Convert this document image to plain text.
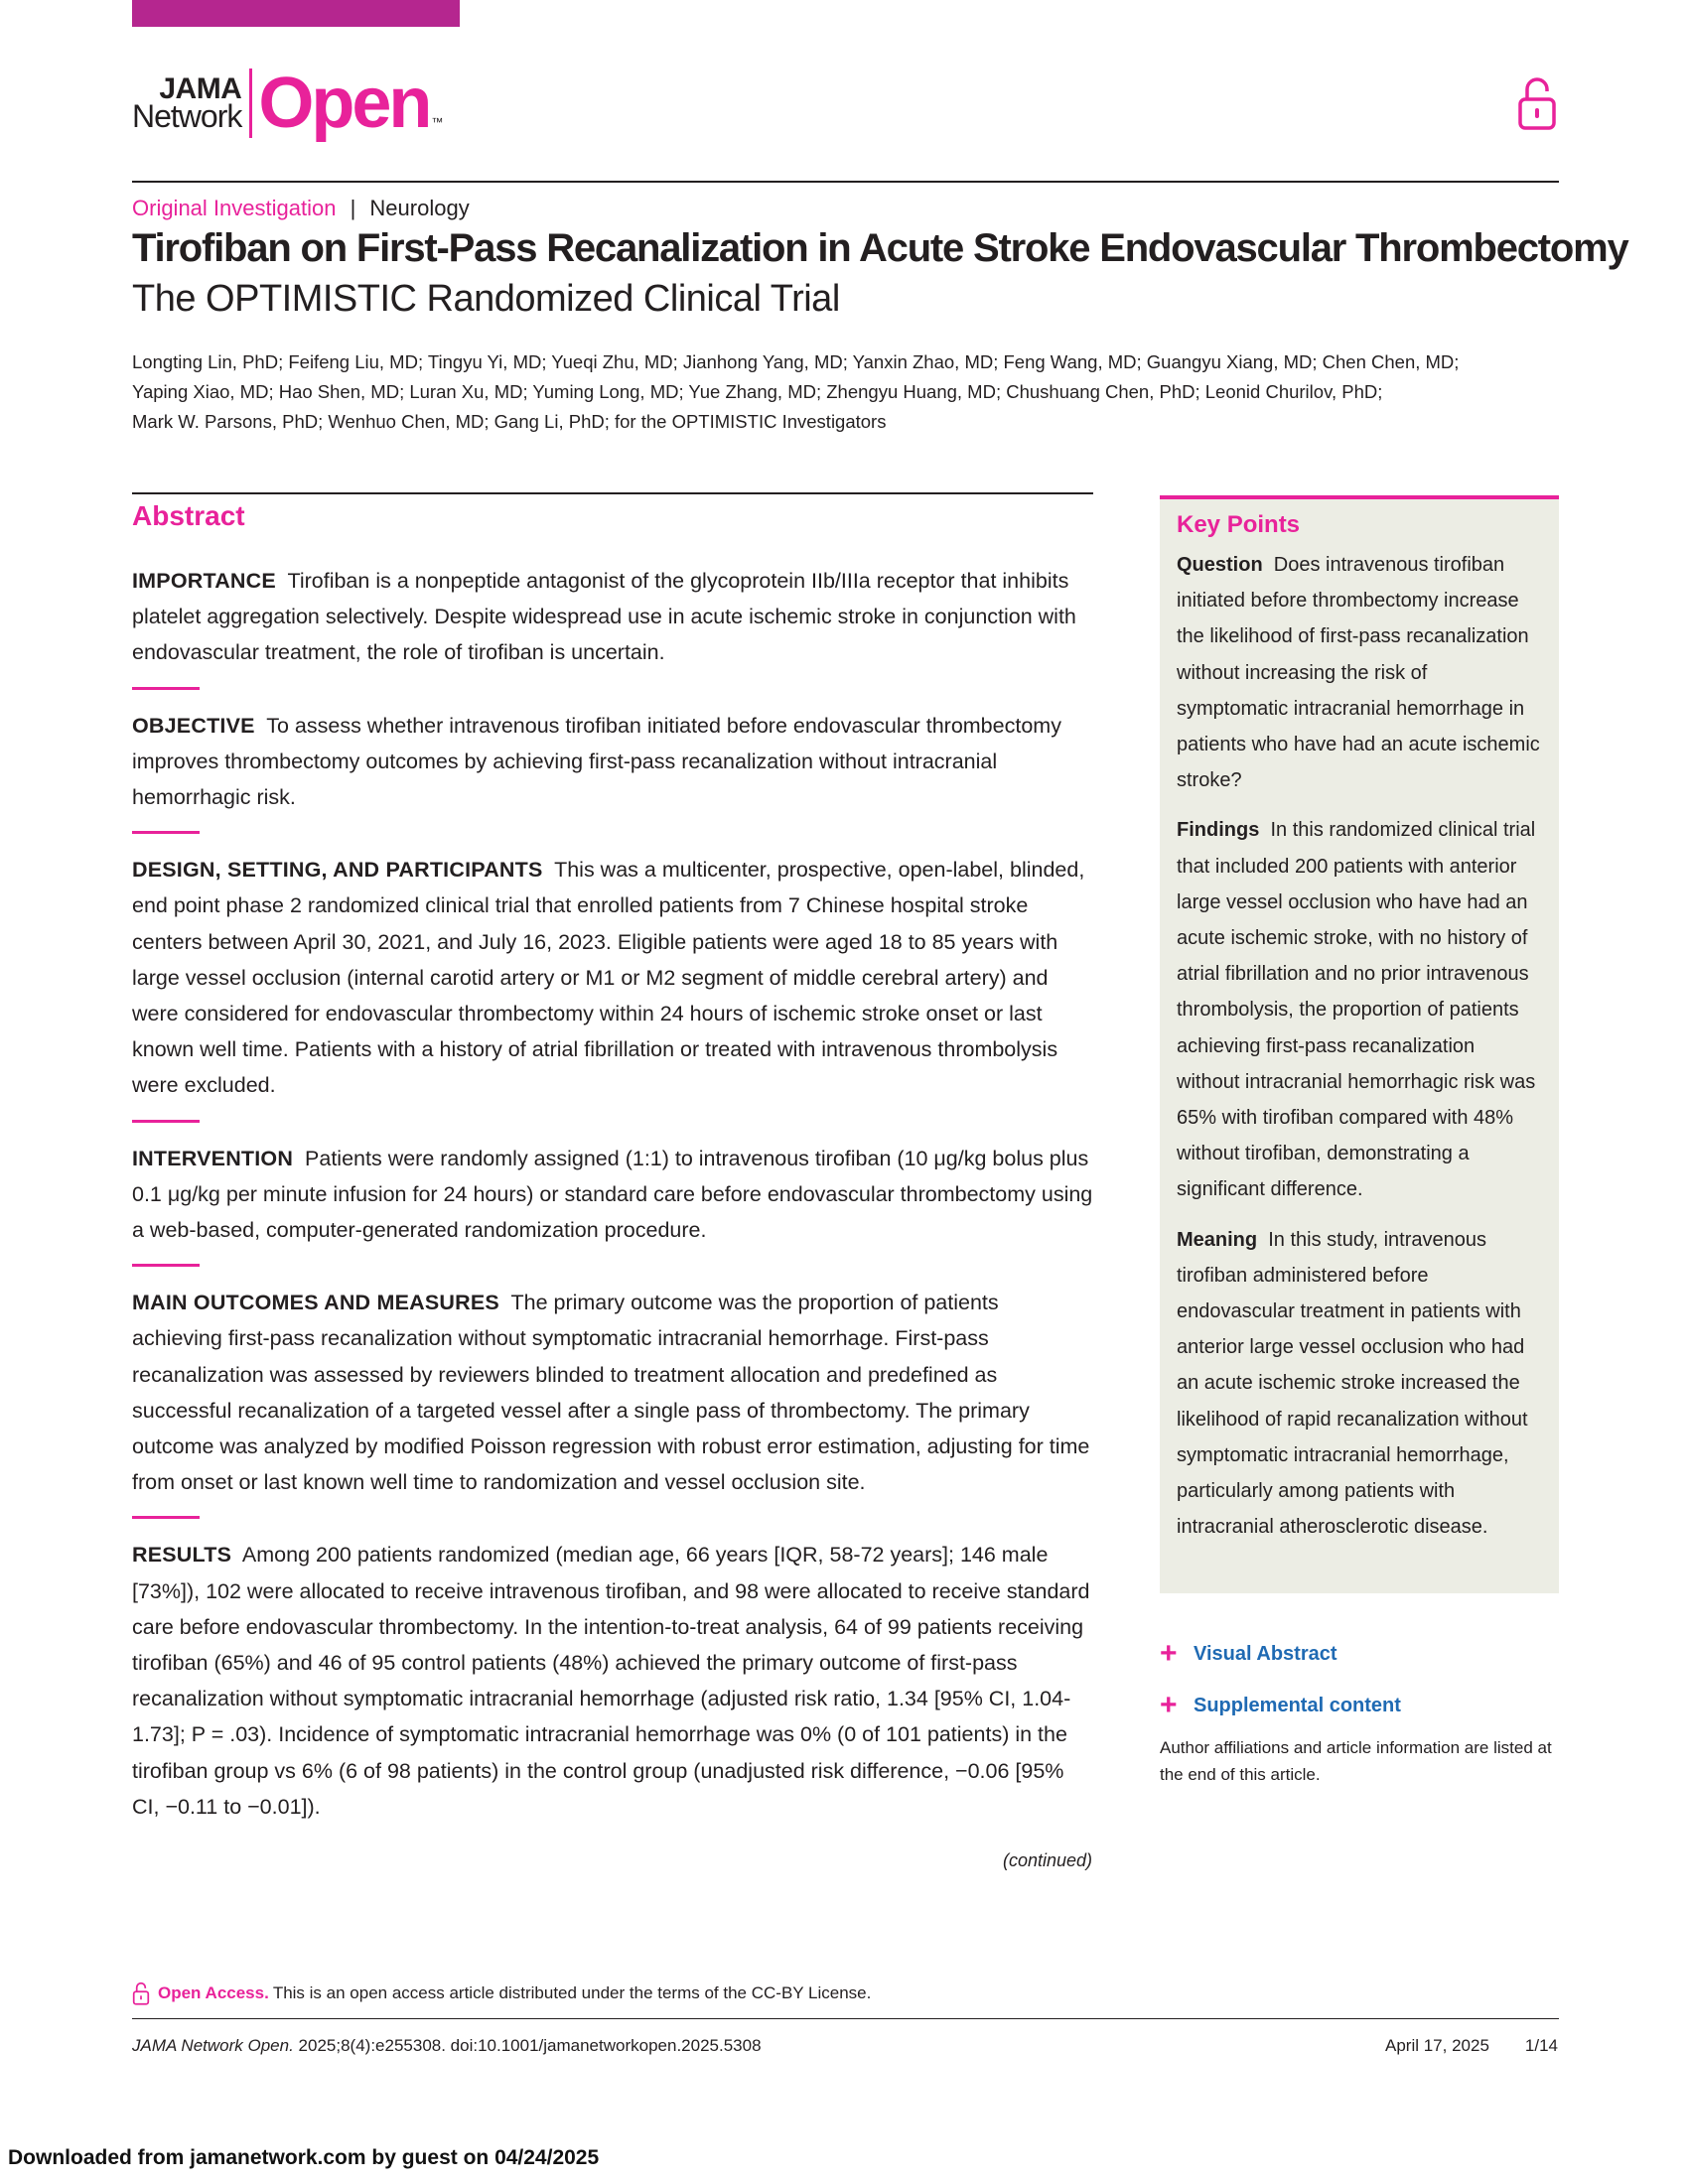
JAMA
Network Open ™
Original Investigation | Neurology
Tirofiban on First-Pass Recanalization in Acute Stroke Endovascular Thrombectomy
The OPTIMISTIC Randomized Clinical Trial
Longting Lin, PhD; Feifeng Liu, MD; Tingyu Yi, MD; Yueqi Zhu, MD; Jianhong Yang, MD; Yanxin Zhao, MD; Feng Wang, MD; Guangyu Xiang, MD; Chen Chen, MD;
Yaping Xiao, MD; Hao Shen, MD; Luran Xu, MD; Yuming Long, MD; Yue Zhang, MD; Zhengyu Huang, MD; Chushuang Chen, PhD; Leonid Churilov, PhD;
Mark W. Parsons, PhD; Wenhuo Chen, MD; Gang Li, PhD; for the OPTIMISTIC Investigators
Abstract

IMPORTANCE Tirofiban is a nonpeptide antagonist of the glycoprotein IIb/IIIa receptor that inhibits platelet aggregation selectively. Despite widespread use in acute ischemic stroke in conjunction with endovascular treatment, the role of tirofiban is uncertain.

OBJECTIVE To assess whether intravenous tirofiban initiated before endovascular thrombectomy improves thrombectomy outcomes by achieving first-pass recanalization without intracranial hemorrhagic risk.

DESIGN, SETTING, AND PARTICIPANTS This was a multicenter, prospective, open-label, blinded, end point phase 2 randomized clinical trial that enrolled patients from 7 Chinese hospital stroke centers between April 30, 2021, and July 16, 2023. Eligible patients were aged 18 to 85 years with large vessel occlusion (internal carotid artery or M1 or M2 segment of middle cerebral artery) and were considered for endovascular thrombectomy within 24 hours of ischemic stroke onset or last known well time. Patients with a history of atrial fibrillation or treated with intravenous thrombolysis were excluded.

INTERVENTION Patients were randomly assigned (1:1) to intravenous tirofiban (10 μg/kg bolus plus 0.1 μg/kg per minute infusion for 24 hours) or standard care before endovascular thrombectomy using a web-based, computer-generated randomization procedure.

MAIN OUTCOMES AND MEASURES The primary outcome was the proportion of patients achieving first-pass recanalization without symptomatic intracranial hemorrhage. First-pass recanalization was assessed by reviewers blinded to treatment allocation and predefined as successful recanalization of a targeted vessel after a single pass of thrombectomy. The primary outcome was analyzed by modified Poisson regression with robust error estimation, adjusting for time from onset or last known well time to randomization and vessel occlusion site.

RESULTS Among 200 patients randomized (median age, 66 years [IQR, 58-72 years]; 146 male [73%]), 102 were allocated to receive intravenous tirofiban, and 98 were allocated to receive standard care before endovascular thrombectomy. In the intention-to-treat analysis, 64 of 99 patients receiving tirofiban (65%) and 46 of 95 control patients (48%) achieved the primary outcome of first-pass recanalization without symptomatic intracranial hemorrhage (adjusted risk ratio, 1.34 [95% CI, 1.04-1.73]; P = .03). Incidence of symptomatic intracranial hemorrhage was 0% (0 of 101 patients) in the tirofiban group vs 6% (6 of 98 patients) in the control group (unadjusted risk difference, −0.06 [95% CI, −0.11 to −0.01]).

(continued)
Key Points

Question Does intravenous tirofiban initiated before thrombectomy increase the likelihood of first-pass recanalization without increasing the risk of symptomatic intracranial hemorrhage in patients who have had an acute ischemic stroke?

Findings In this randomized clinical trial that included 200 patients with anterior large vessel occlusion who have had an acute ischemic stroke, with no history of atrial fibrillation and no prior intravenous thrombolysis, the proportion of patients achieving first-pass recanalization without intracranial hemorrhagic risk was 65% with tirofiban compared with 48% without tirofiban, demonstrating a significant difference.

Meaning In this study, intravenous tirofiban administered before endovascular treatment in patients with anterior large vessel occlusion who had an acute ischemic stroke increased the likelihood of rapid recanalization without symptomatic intracranial hemorrhage, particularly among patients with intracranial atherosclerotic disease.

+ Visual Abstract
+ Supplemental content
Author affiliations and article information are listed at the end of this article.
Open Access. This is an open access article distributed under the terms of the CC-BY License.
JAMA Network Open. 2025;8(4):e255308. doi:10.1001/jamanetworkopen.2025.5308	April 17, 2025 1/14
Downloaded from jamanetwork.com by guest on 04/24/2025
